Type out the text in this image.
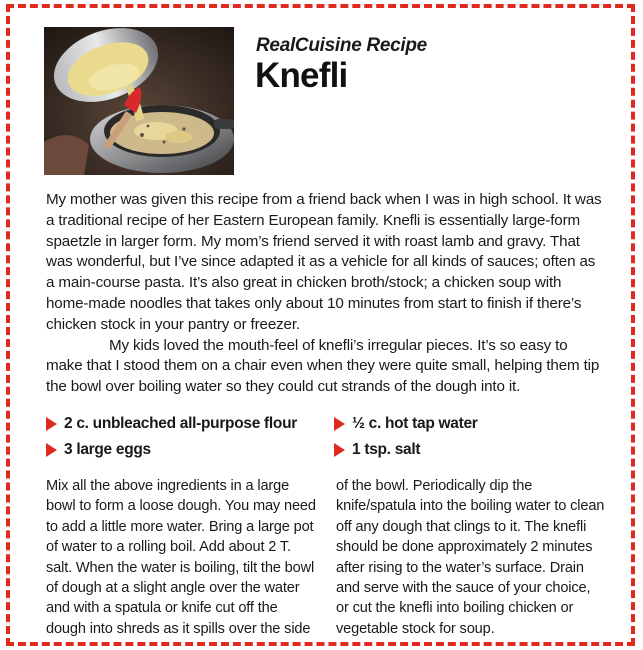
RealCuisine Recipe
Knefli

My mother was given this recipe from a friend back when I was in high school. It was a traditional recipe of her Eastern European family. Knefli is essentially large-form spaetzle in larger form. My mom’s friend served it with roast lamb and gravy. That was wonderful, but I’ve since adapted it as a vehicle for all kinds of sauces; often as a main-course pasta. It’s also great in chicken broth/stock; a chicken soup with home-made noodles that takes only about 10 minutes from start to finish if there’s chicken stock in your pantry or freezer.

My kids loved the mouth-feel of knefli’s irregular pieces. It’s so easy to make that I stood them on a chair even when they were quite small, helping them tip the bowl over boiling water so they could cut strands of the dough into it.

2 c. unbleached all-purpose flour
3 large eggs
½ c. hot tap water
1 tsp. salt

Mix all the above ingredients in a large bowl to form a loose dough. You may need to add a little more water. Bring a large pot of water to a rolling boil. Add about 2 T. salt. When the water is boiling, tilt the bowl of dough at a slight angle over the water and with a spatula or knife cut off the dough into shreds as it spills over the side

of the bowl. Periodically dip the knife/spatula into the boiling water to clean off any dough that clings to it. The knefli should be done approximately 2 minutes after rising to the water’s surface. Drain and serve with the sauce of your choice, or cut the knefli into boiling chicken or vegetable stock for soup.
